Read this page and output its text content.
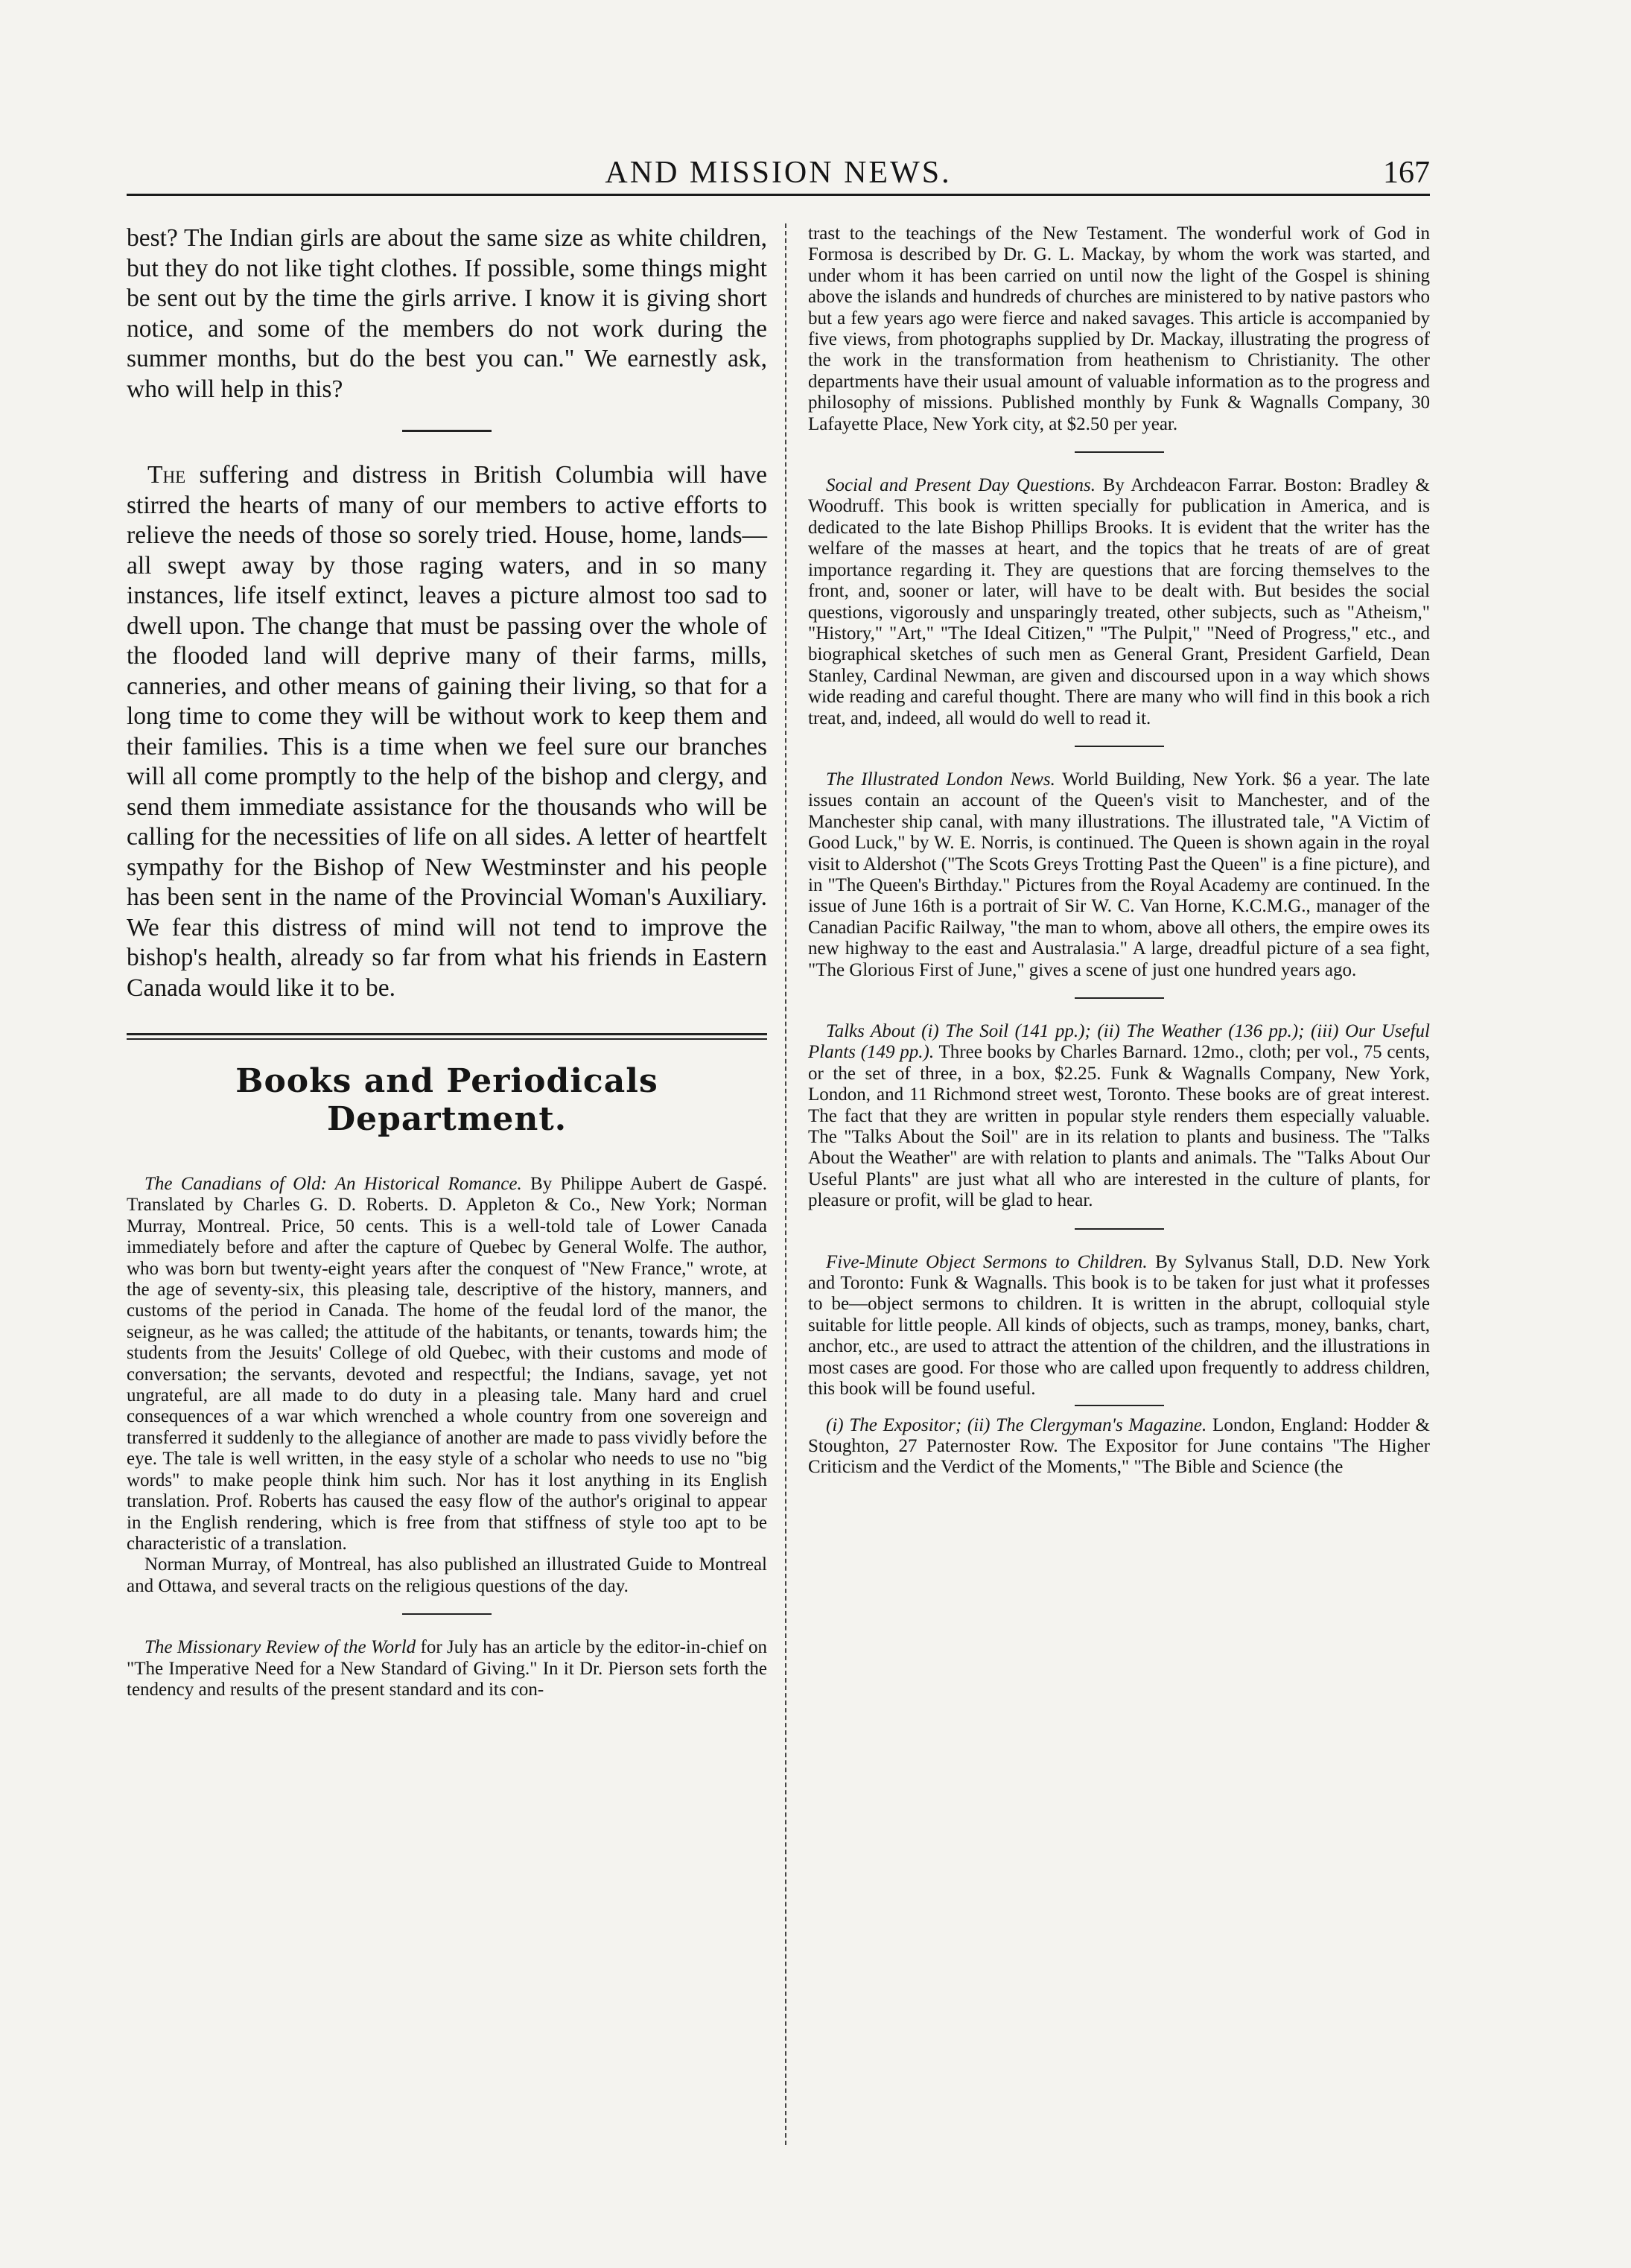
AND MISSION NEWS.	167

best? The Indian girls are about the same size as white children, but they do not like tight clothes. If possible, some things might be sent out by the time the girls arrive. I know it is giving short notice, and some of the members do not work during the summer months, but do the best you can." We earnestly ask, who will help in this?

The suffering and distress in British Columbia will have stirred the hearts of many of our members to active efforts to relieve the needs of those so sorely tried. House, home, lands—all swept away by those raging waters, and in so many instances, life itself extinct, leaves a picture almost too sad to dwell upon. The change that must be passing over the whole of the flooded land will deprive many of their farms, mills, canneries, and other means of gaining their living, so that for a long time to come they will be without work to keep them and their families. This is a time when we feel sure our branches will all come promptly to the help of the bishop and clergy, and send them immediate assistance for the thousands who will be calling for the necessities of life on all sides. A letter of heartfelt sympathy for the Bishop of New Westminster and his people has been sent in the name of the Provincial Woman's Auxiliary. We fear this distress of mind will not tend to improve the bishop's health, already so far from what his friends in Eastern Canada would like it to be.

Books and Periodicals Department.

The Canadians of Old: An Historical Romance. By Philippe Aubert de Gaspé. Translated by Charles G. D. Roberts. D. Appleton & Co., New York; Norman Murray, Montreal. Price, 50 cents. This is a well-told tale of Lower Canada immediately before and after the capture of Quebec by General Wolfe. The author, who was born but twenty-eight years after the conquest of "New France," wrote, at the age of seventy-six, this pleasing tale, descriptive of the history, manners, and customs of the period in Canada. The home of the feudal lord of the manor, the seigneur, as he was called; the attitude of the habitants, or tenants, towards him; the students from the Jesuits' College of old Quebec, with their customs and mode of conversation; the servants, devoted and respectful; the Indians, savage, yet not ungrateful, are all made to do duty in a pleasing tale. Many hard and cruel consequences of a war which wrenched a whole country from one sovereign and transferred it suddenly to the allegiance of another are made to pass vividly before the eye. The tale is well written, in the easy style of a scholar who needs to use no "big words" to make people think him such. Nor has it lost anything in its English translation. Prof. Roberts has caused the easy flow of the author's original to appear in the English rendering, which is free from that stiffness of style too apt to be characteristic of a translation.

Norman Murray, of Montreal, has also published an illustrated Guide to Montreal and Ottawa, and several tracts on the religious questions of the day.

The Missionary Review of the World for July has an article by the editor-in-chief on "The Imperative Need for a New Standard of Giving." In it Dr. Pierson sets forth the tendency and results of the present standard and its con-

trast to the teachings of the New Testament. The wonderful work of God in Formosa is described by Dr. G. L. Mackay, by whom the work was started, and under whom it has been carried on until now the light of the Gospel is shining above the islands and hundreds of churches are ministered to by native pastors who but a few years ago were fierce and naked savages. This article is accompanied by five views, from photographs supplied by Dr. Mackay, illustrating the progress of the work in the transformation from heathenism to Christianity. The other departments have their usual amount of valuable information as to the progress and philosophy of missions. Published monthly by Funk & Wagnalls Company, 30 Lafayette Place, New York city, at $2.50 per year.

Social and Present Day Questions. By Archdeacon Farrar. Boston: Bradley & Woodruff. This book is written specially for publication in America, and is dedicated to the late Bishop Phillips Brooks. It is evident that the writer has the welfare of the masses at heart, and the topics that he treats of are of great importance regarding it. They are questions that are forcing themselves to the front, and, sooner or later, will have to be dealt with. But besides the social questions, vigorously and unsparingly treated, other subjects, such as "Atheism," "History," "Art," "The Ideal Citizen," "The Pulpit," "Need of Progress," etc., and biographical sketches of such men as General Grant, President Garfield, Dean Stanley, Cardinal Newman, are given and discoursed upon in a way which shows wide reading and careful thought. There are many who will find in this book a rich treat, and, indeed, all would do well to read it.

The Illustrated London News. World Building, New York. $6 a year. The late issues contain an account of the Queen's visit to Manchester, and of the Manchester ship canal, with many illustrations. The illustrated tale, "A Victim of Good Luck," by W. E. Norris, is continued. The Queen is shown again in the royal visit to Aldershot ("The Scots Greys Trotting Past the Queen" is a fine picture), and in "The Queen's Birthday." Pictures from the Royal Academy are continued. In the issue of June 16th is a portrait of Sir W. C. Van Horne, K.C.M.G., manager of the Canadian Pacific Railway, "the man to whom, above all others, the empire owes its new highway to the east and Australasia." A large, dreadful picture of a sea fight, "The Glorious First of June," gives a scene of just one hundred years ago.

Talks About (i) The Soil (141 pp.); (ii) The Weather (136 pp.); (iii) Our Useful Plants (149 pp.). Three books by Charles Barnard. 12mo., cloth; per vol., 75 cents, or the set of three, in a box, $2.25. Funk & Wagnalls Company, New York, London, and 11 Richmond street west, Toronto. These books are of great interest. The fact that they are written in popular style renders them especially valuable. The "Talks About the Soil" are in its relation to plants and business. The "Talks About the Weather" are with relation to plants and animals. The "Talks About Our Useful Plants" are just what all who are interested in the culture of plants, for pleasure or profit, will be glad to hear.

Five-Minute Object Sermons to Children. By Sylvanus Stall, D.D. New York and Toronto: Funk & Wagnalls. This book is to be taken for just what it professes to be—object sermons to children. It is written in the abrupt, colloquial style suitable for little people. All kinds of objects, such as tramps, money, banks, chart, anchor, etc., are used to attract the attention of the children, and the illustrations in most cases are good. For those who are called upon frequently to address children, this book will be found useful.

(i) The Expositor; (ii) The Clergyman's Magazine. London, England: Hodder & Stoughton, 27 Paternoster Row. The Expositor for June contains "The Higher Criticism and the Verdict of the Moments," "The Bible and Science (the
